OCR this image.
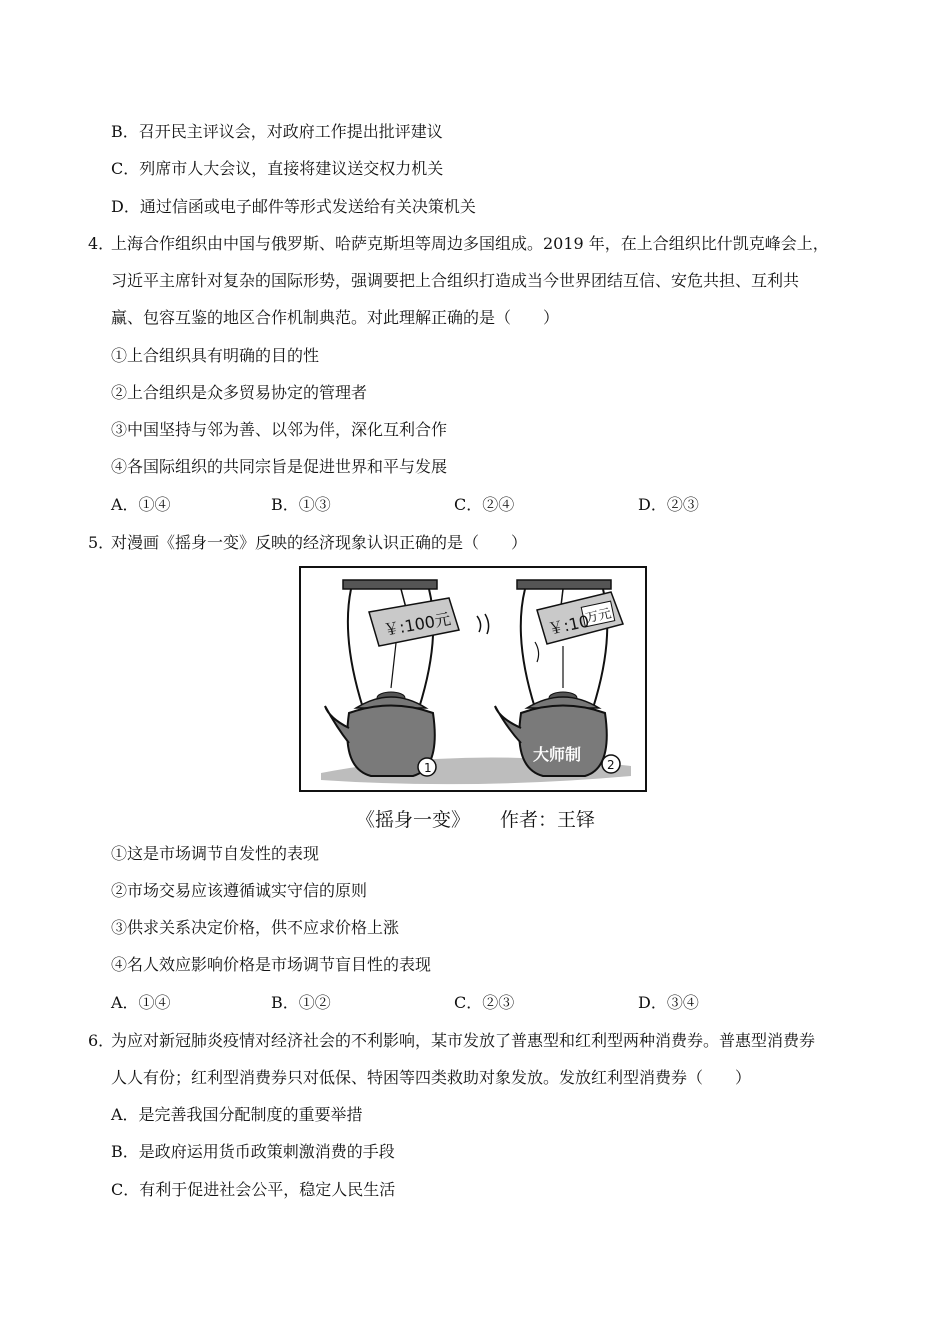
B．召开民主评议会，对政府工作提出批评建议
C．列席市人大会议，直接将建议送交权力机关
D．通过信函或电子邮件等形式发送给有关决策机关
4．
上海合作组织由中国与俄罗斯、哈萨克斯坦等周边多国组成。2019 年，在上合组织比什凯克峰会上，
习近平主席针对复杂的国际形势，强调要把上合组织打造成当今世界团结互信、安危共担、互利共
赢、包容互鉴的地区合作机制典范。对此理解正确的是（　　）
①上合组织具有明确的目的性
②上合组织是众多贸易协定的管理者
③中国坚持与邻为善、以邻为伴，深化互利合作
④各国际组织的共同宗旨是促进世界和平与发展
A．①④	B．①③	C．②④	D．②③
5．
对漫画《摇身一变》反映的经济现象认识正确的是（　　）
￥:100元
1
￥:10
万元
大师制
2
《摇身一变》 作者：王铎
①这是市场调节自发性的表现
②市场交易应该遵循诚实守信的原则
③供求关系决定价格，供不应求价格上涨
④名人效应影响价格是市场调节盲目性的表现
A．①④	B．①②	C．②③	D．③④
6．
为应对新冠肺炎疫情对经济社会的不利影响，某市发放了普惠型和红利型两种消费券。普惠型消费券
人人有份；红利型消费券只对低保、特困等四类救助对象发放。发放红利型消费券（　　）
A．是完善我国分配制度的重要举措
B．是政府运用货币政策刺激消费的手段
C．有利于促进社会公平，稳定人民生活
